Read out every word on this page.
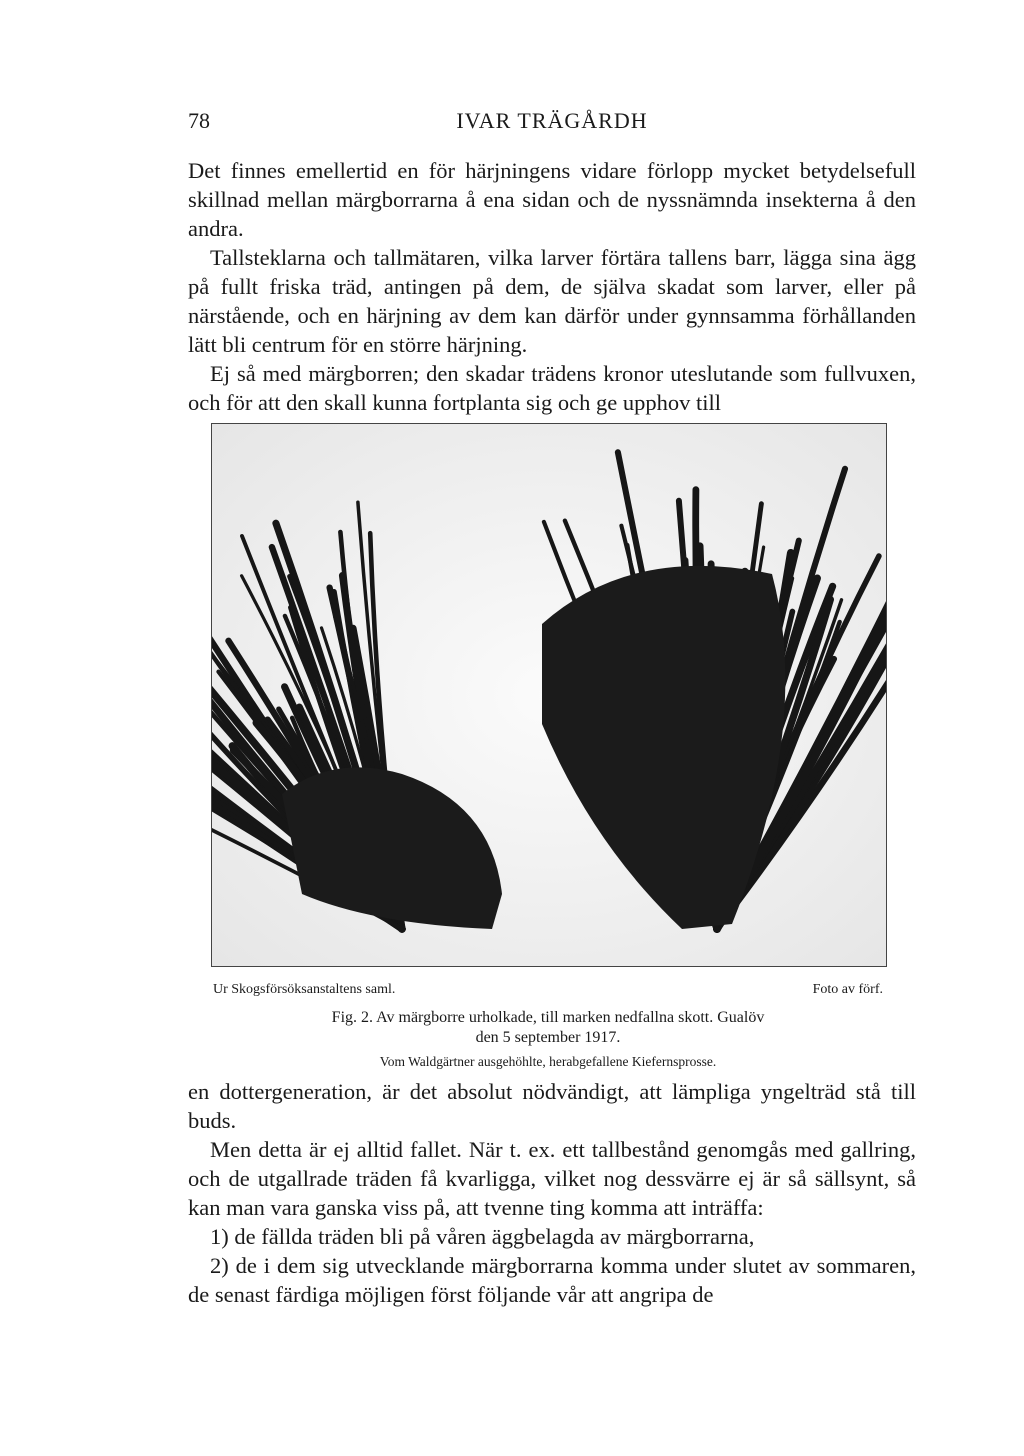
78	IVAR TRÄGÅRDH

Det finnes emellertid en för härjningens vidare förlopp mycket betydelsefull skillnad mellan märgborrarna å ena sidan och de nyssnämnda insekterna å den andra.

Tallsteklarna och tallmätaren, vilka larver förtära tallens barr, lägga sina ägg på fullt friska träd, antingen på dem, de själva skadat som larver, eller på närstående, och en härjning av dem kan därför under gynnsamma förhållanden lätt bli centrum för en större härjning.

Ej så med märgborren; den skadar trädens kronor uteslutande som fullvuxen, och för att den skall kunna fortplanta sig och ge upphov till

Ur Skogsförsöksanstaltens saml.	Foto av förf.
Fig. 2. Av märgborre urholkade, till marken nedfallna skott. Gualöv
den 5 september 1917.
Vom Waldgärtner ausgehöhlte, herabgefallene Kiefernsprosse.

en dottergeneration, är det absolut nödvändigt, att lämpliga yngelträd stå till buds.

Men detta är ej alltid fallet. När t. ex. ett tallbestånd genomgås med gallring, och de utgallrade träden få kvarligga, vilket nog dessvärre ej är så sällsynt, så kan man vara ganska viss på, att tvenne ting komma att inträffa:

1) de fällda träden bli på våren äggbelagda av märgborrarna,

2) de i dem sig utvecklande märgborrarna komma under slutet av sommaren, de senast färdiga möjligen först följande vår att angripa de
